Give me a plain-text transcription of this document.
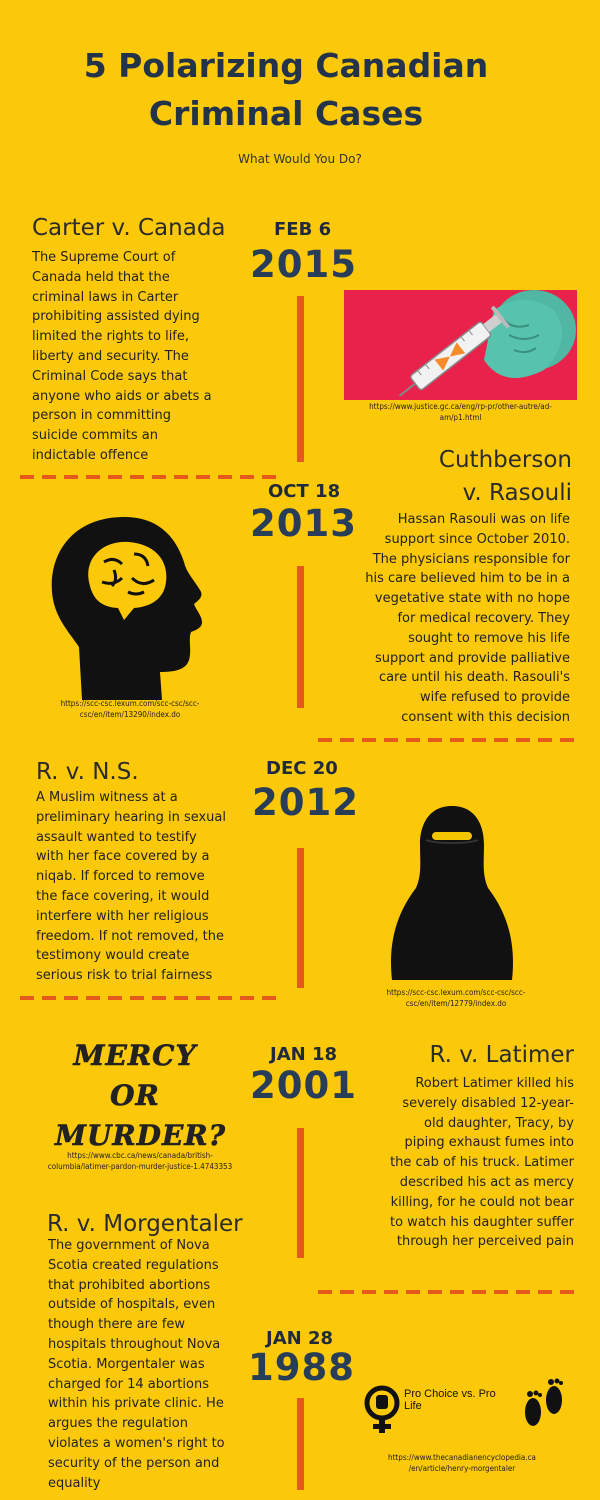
5 Polarizing Canadian
Criminal Cases
What Would You Do?
Carter v. Canada	FEB 6
2015
The Supreme Court of
Canada held that the
criminal laws in Carter
prohibiting assisted dying
limited the rights to life,
liberty and security. The
Criminal Code says that
anyone who aids or abets a
person in committing
suicide commits an
indictable offence
https://www.justice.gc.ca/eng/rp-pr/other-autre/ad-
am/p1.html
Cuthberson
v. Rasouli
OCT 18
2013	Hassan Rasouli was on life
support since October 2010.
The physicians responsible for
his care believed him to be in a
vegetative state with no hope
for medical recovery. They
sought to remove his life
support and provide palliative
care until his death. Rasouli's
wife refused to provide
consent with this decision
https://scc-csc.lexum.com/scc-csc/scc-
csc/en/item/13290/index.do
R. v. N.S.	DEC 20
2012
A Muslim witness at a
preliminary hearing in sexual
assault wanted to testify
with her face covered by a
niqab. If forced to remove
the face covering, it would
interfere with her religious
freedom. If not removed, the
testimony would create
serious risk to trial fairness
https://scc-csc.lexum.com/scc-csc/scc-
csc/en/item/12779/index.do
MERCY
OR
MURDER?
https://www.cbc.ca/news/canada/british-
columbia/latimer-pardon-murder-justice-1.4743353
JAN 18
2001
R. v. Latimer
Robert Latimer killed his
severely disabled 12-year-
old daughter, Tracy, by
piping exhaust fumes into
the cab of his truck. Latimer
described his act as mercy
killing, for he could not bear
to watch his daughter suffer
through her perceived pain
R. v. Morgentaler
The government of Nova
Scotia created regulations
that prohibited abortions
outside of hospitals, even
though there are few
hospitals throughout Nova
Scotia. Morgentaler was
charged for 14 abortions
within his private clinic. He
argues the regulation
violates a women's right to
security of the person and
equality
JAN 28
1988
Pro Choice vs. Pro Life
https://www.thecanadianencyclopedia.ca
/en/article/henry-morgentaler
